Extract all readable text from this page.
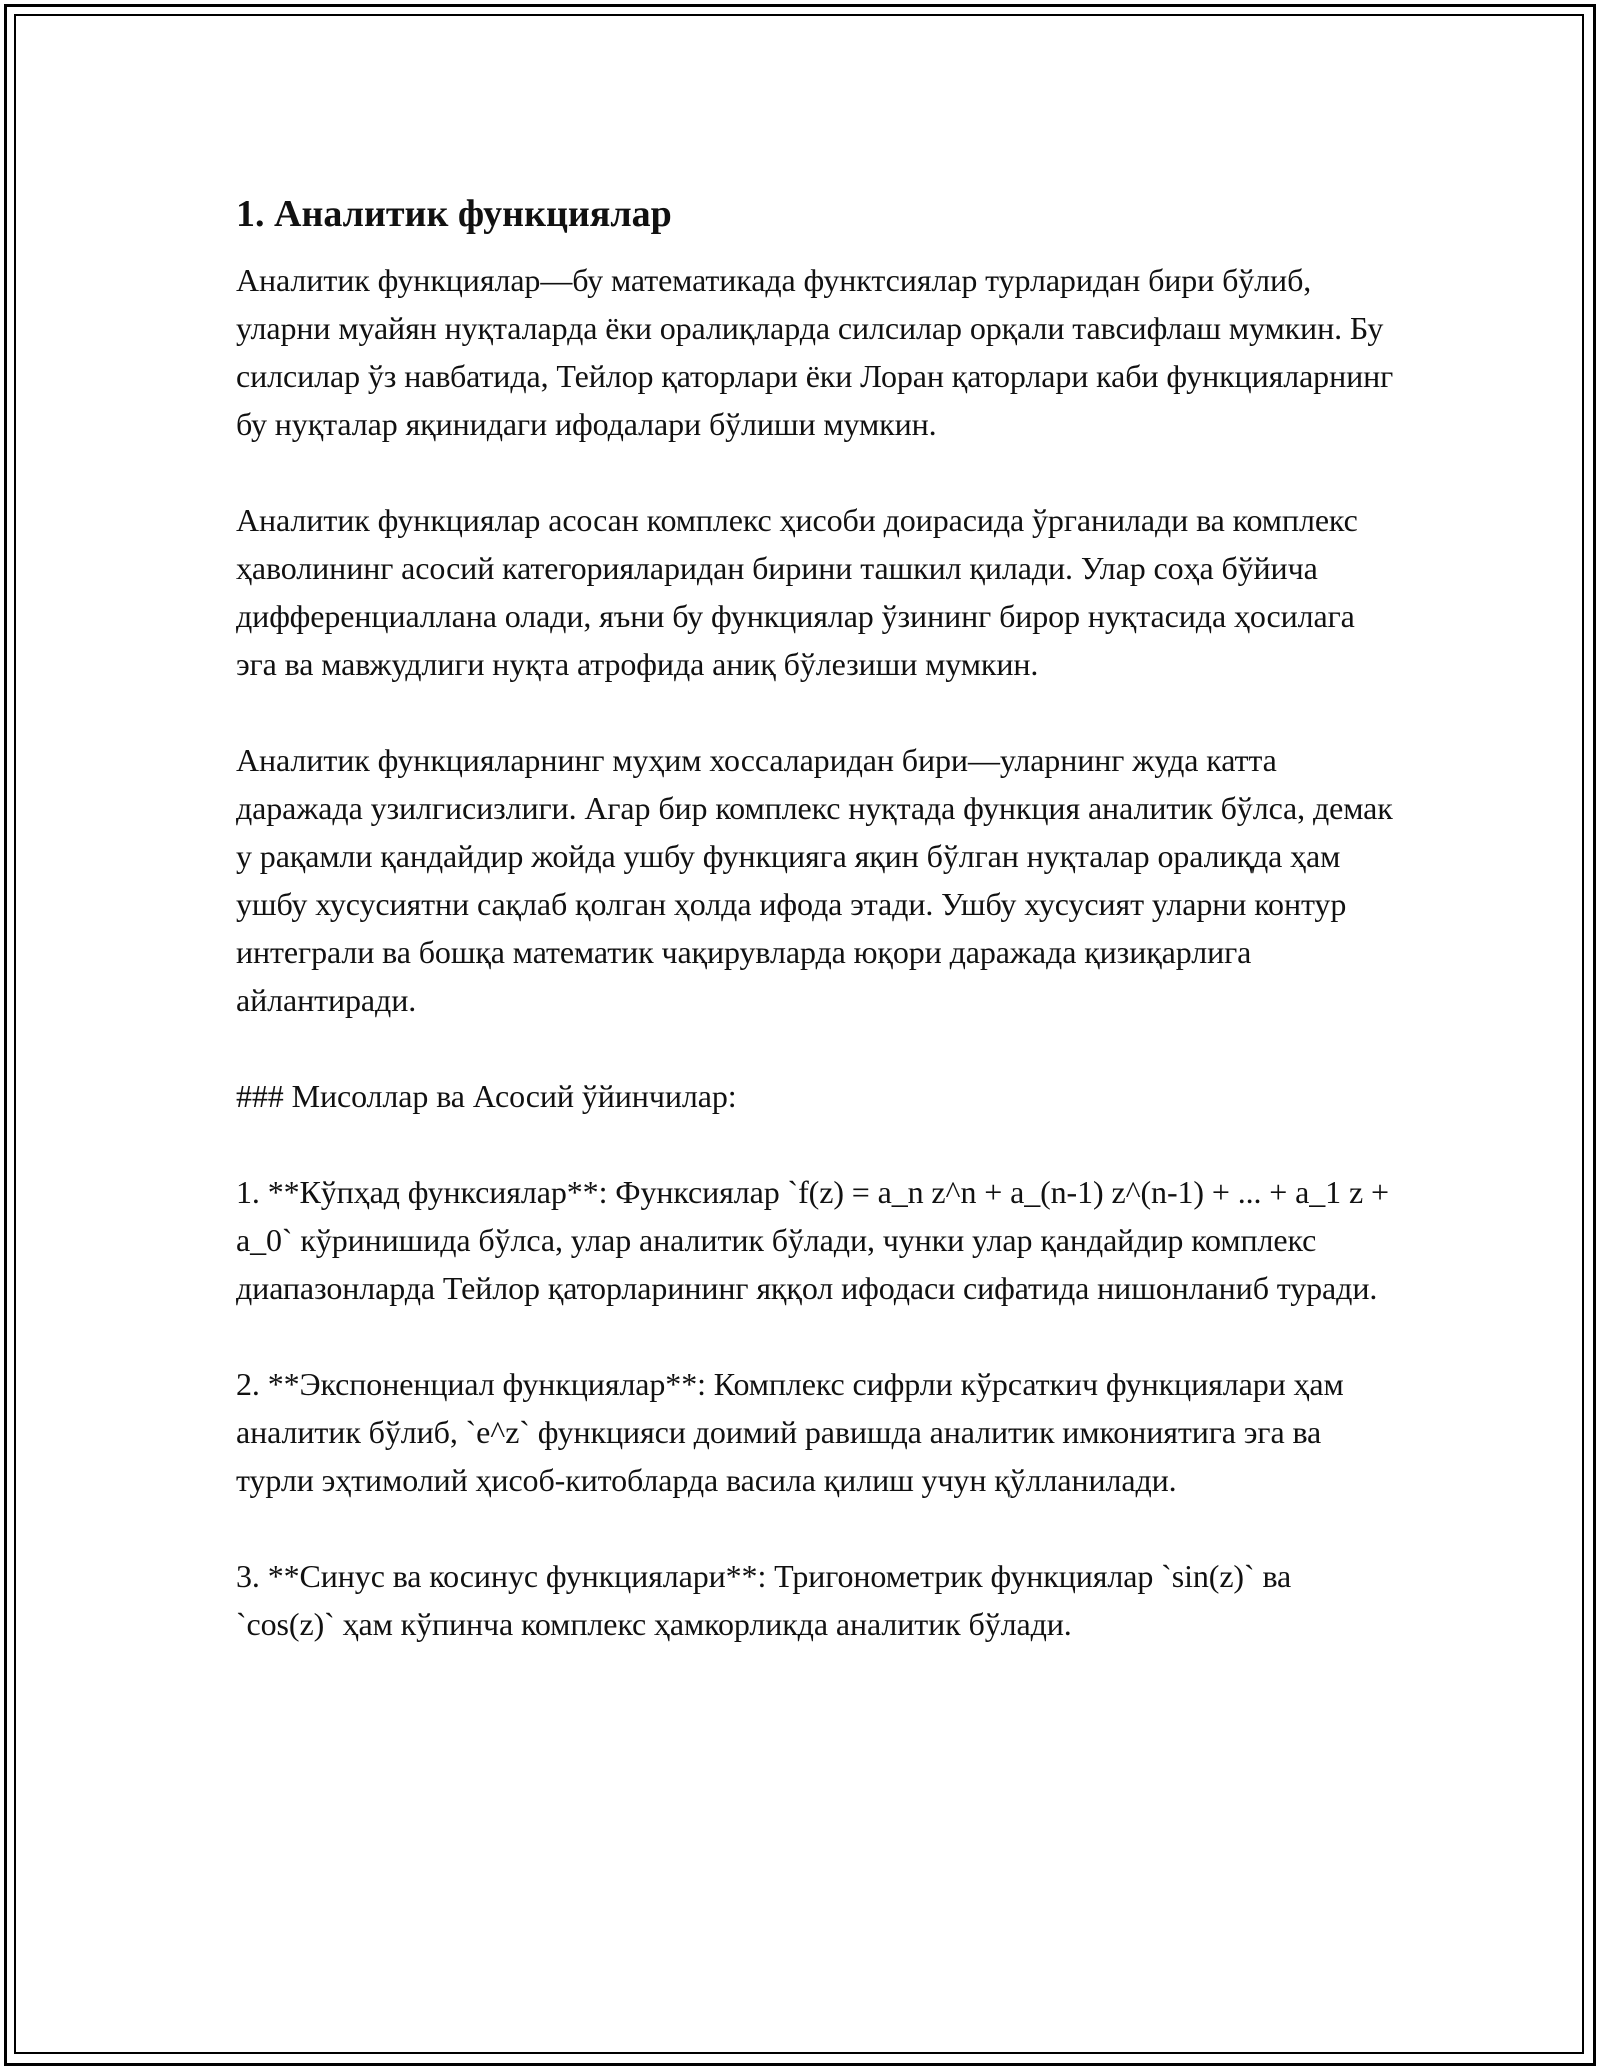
1. Аналитик функциялар

Аналитик функциялар—бу математикада функтсиялар турларидан бири бўлиб, уларни муайян нуқталарда ёки оралиқларда силсилар орқали тавсифлаш мумкин. Бу силсилар ўз навбатида, Тейлор қаторлари ёки Лоран қаторлари каби функцияларнинг бу нуқталар яқинидаги ифодалари бўлиши мумкин.

Аналитик функциялар асосан комплекс ҳисоби доирасида ўрганилади ва комплекс ҳаволининг асосий категорияларидан бирини ташкил қилади. Улар соҳа бўйича дифференциаллана олади, яъни бу функциялар ўзининг бирор нуқтасида ҳосилага эга ва мавжудлиги нуқта атрофида аниқ бўлезиши мумкин.

Аналитик функцияларнинг муҳим хоссаларидан бири—уларнинг жуда катта даражада узилгисизлиги. Агар бир комплекс нуқтада функция аналитик бўлса, демак у рақамли қандайдир жойда ушбу функцияга яқин бўлган нуқталар оралиқда ҳам ушбу хусусиятни сақлаб қолган ҳолда ифода этади. Ушбу хусусият уларни контур интеграли ва бошқа математик чақирувларда юқори даражада қизиқарлига айлантиради.

### Мисоллар ва Асосий ўйинчилар:

1. **Кўпҳад функсиялар**: Функсиялар `f(z) = a_n z^n + a_(n-1) z^(n-1) + ... + a_1 z + a_0` кўринишида бўлса, улар аналитик бўлади, чунки улар қандайдир комплекс диапазонларда Тейлор қаторларининг яққол ифодаси сифатида нишонланиб туради.

2. **Экспоненциал функциялар**: Комплекс сифрли кўрсаткич функциялари ҳам аналитик бўлиб, `e^z` функцияси доимий равишда аналитик имкониятига эга ва турли эҳтимолий ҳисоб-китобларда васила қилиш учун қўлланилади.

3. **Синус ва косинус функциялари**: Тригонометрик функциялар `sin(z)` ва `cos(z)` ҳам кўпинча комплекс ҳамкорликда аналитик бўлади.
